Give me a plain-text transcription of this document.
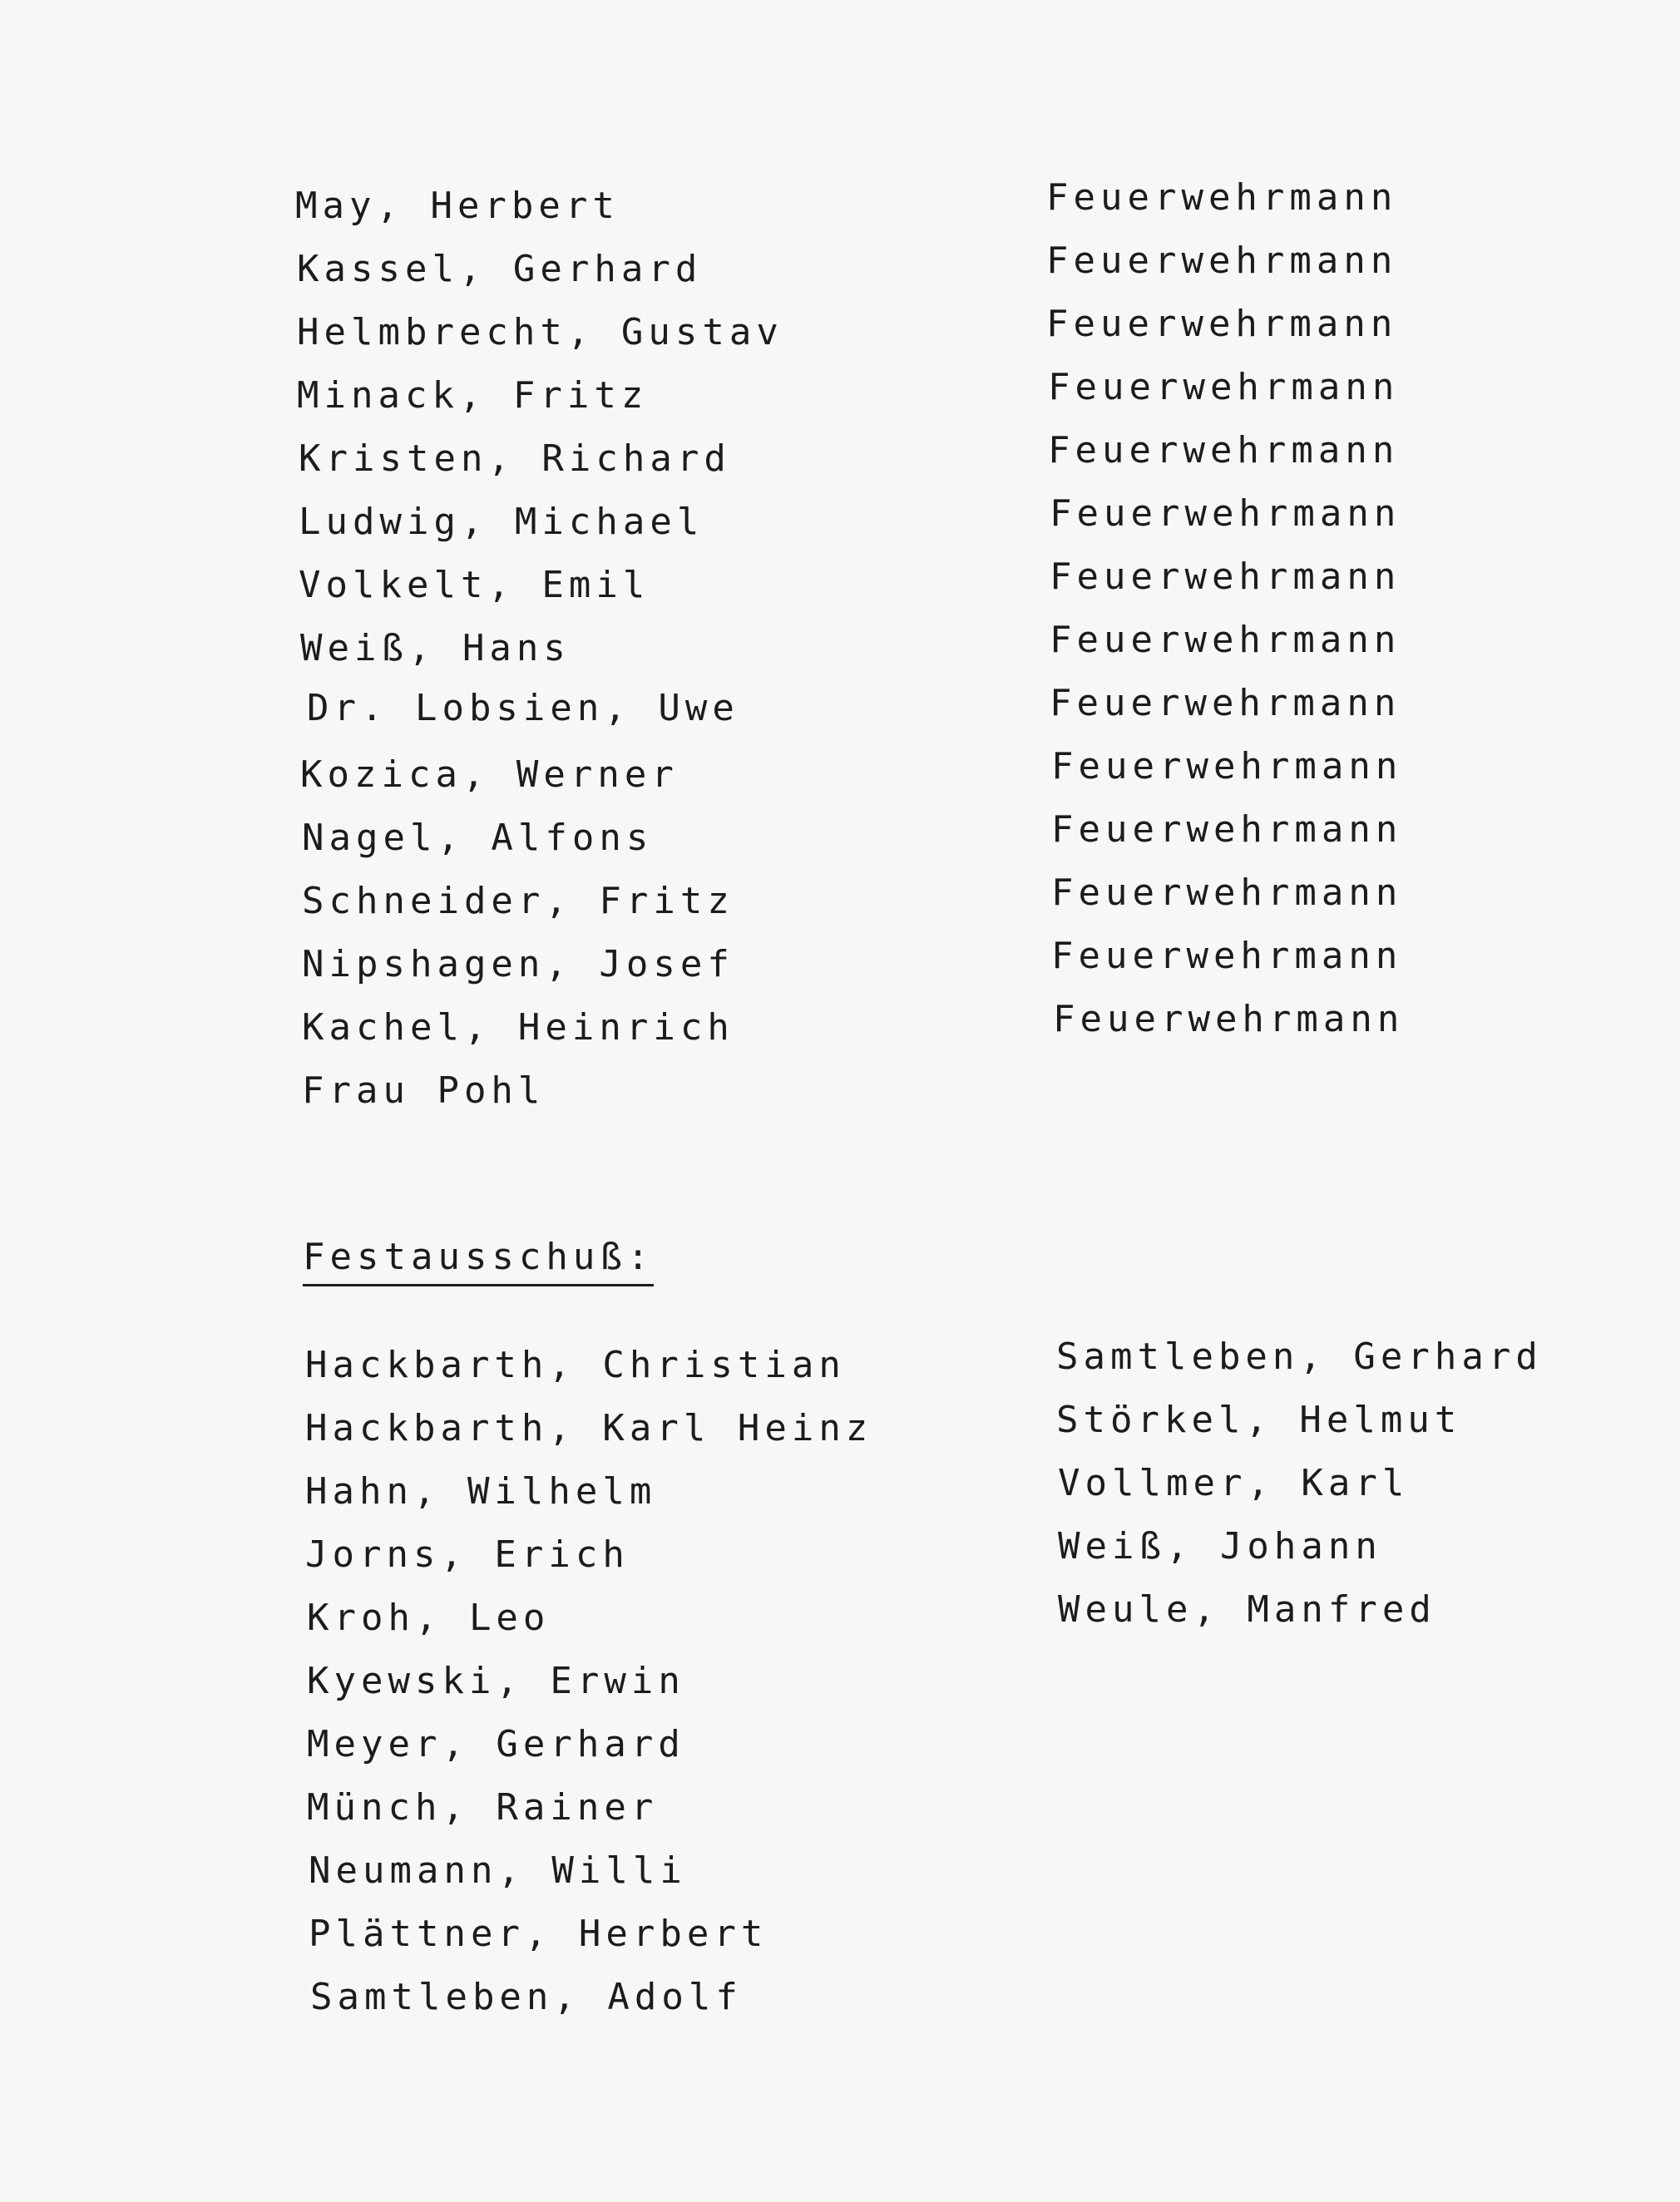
May, Herbert
Kassel, Gerhard
Helmbrecht, Gustav
Minack, Fritz
Kristen, Richard
Ludwig, Michael
Volkelt, Emil
Weiß, Hans
Dr. Lobsien, Uwe
Kozica, Werner
Nagel, Alfons
Schneider, Fritz
Nipshagen, Josef
Kachel, Heinrich
Frau Pohl
Feuerwehrmann
Feuerwehrmann
Feuerwehrmann
Feuerwehrmann
Feuerwehrmann
Feuerwehrmann
Feuerwehrmann
Feuerwehrmann
Feuerwehrmann
Feuerwehrmann
Feuerwehrmann
Feuerwehrmann
Feuerwehrmann
Feuerwehrmann
Festausschuß:
Hackbarth, Christian
Hackbarth, Karl Heinz
Hahn, Wilhelm
Jorns, Erich
Kroh, Leo
Kyewski, Erwin
Meyer, Gerhard
Münch, Rainer
Neumann, Willi
Plättner, Herbert
Samtleben, Adolf
Samtleben, Gerhard
Störkel, Helmut
Vollmer, Karl
Weiß, Johann
Weule, Manfred
